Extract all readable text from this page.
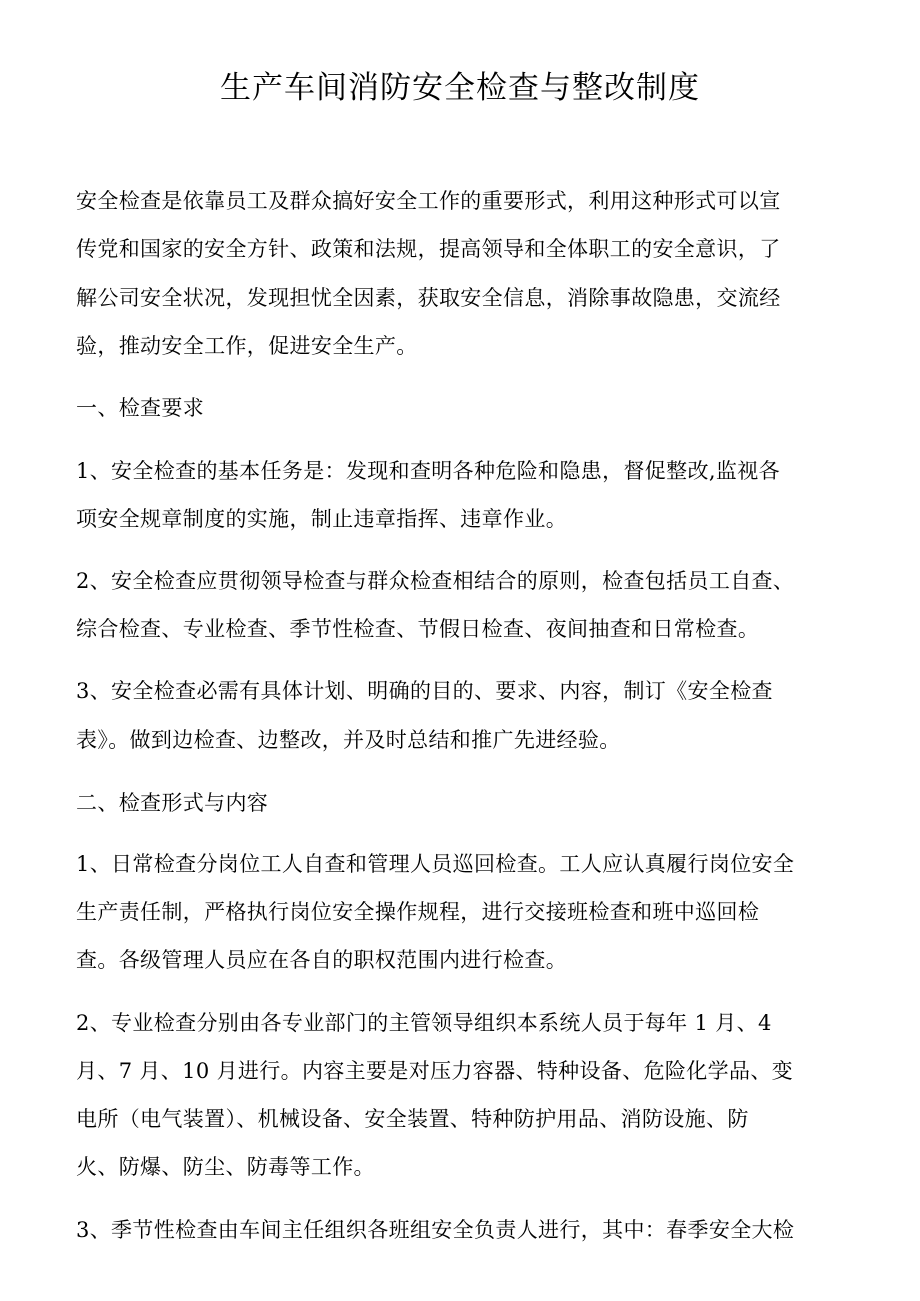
生产车间消防安全检查与整改制度
安全检查是依靠员工及群众搞好安全工作的重要形式，利用这种形式可以宣
传党和国家的安全方针、政策和法规，提高领导和全体职工的安全意识，了
解公司安全状况，发现担忧全因素，获取安全信息，消除事故隐患，交流经
验，推动安全工作，促进安全生产。
一、检查要求
1、安全检查的基本任务是：发现和查明各种危险和隐患，督促整改,监视各
项安全规章制度的实施，制止违章指挥、违章作业。
2、安全检查应贯彻领导检查与群众检查相结合的原则，检查包括员工自查、
综合检查、专业检查、季节性检查、节假日检查、夜间抽查和日常检查。
3、安全检查必需有具体计划、明确的目的、要求、内容，制订《安全检查
表》。做到边检查、边整改，并及时总结和推广先进经验。
二、检查形式与内容
1、日常检查分岗位工人自查和管理人员巡回检查。工人应认真履行岗位安全
生产责任制，严格执行岗位安全操作规程，进行交接班检查和班中巡回检
查。各级管理人员应在各自的职权范围内进行检查。
2、专业检查分别由各专业部门的主管领导组织本系统人员于每年 1 月、4
月、7 月、10 月进行。内容主要是对压力容器、特种设备、危险化学品、变
电所（电气装置）、机械设备、安全装置、特种防护用品、消防设施、防
火、防爆、防尘、防毒等工作。
3、季节性检查由车间主任组织各班组安全负责人进行，其中：春季安全大检
